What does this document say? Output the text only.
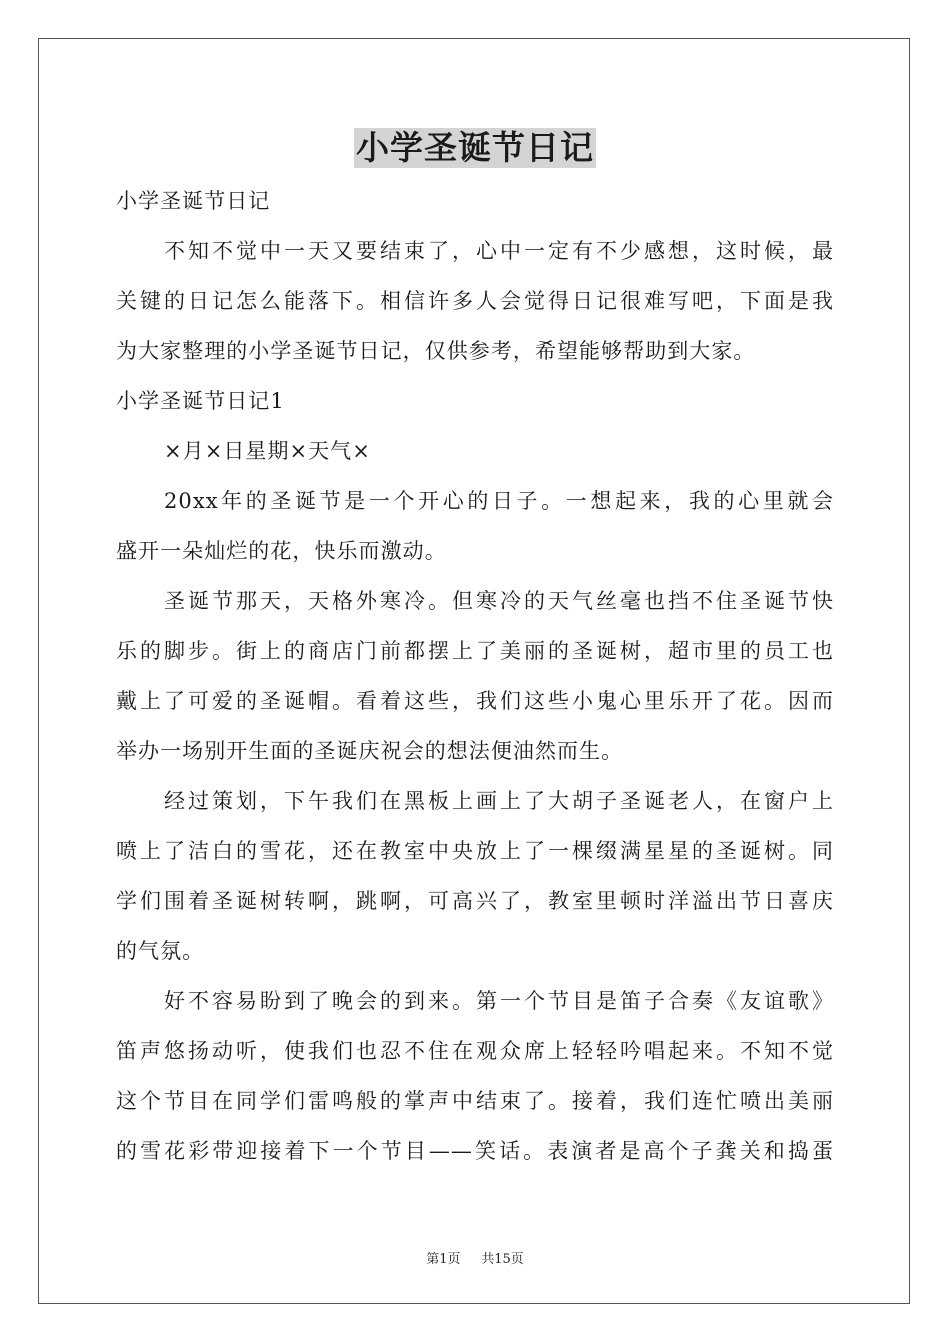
小学圣诞节日记
小学圣诞节日记
不知不觉中一天又要结束了，心中一定有不少感想，这时候，最
关键的日记怎么能落下。相信许多人会觉得日记很难写吧，下面是我
为大家整理的小学圣诞节日记，仅供参考，希望能够帮助到大家。
小学圣诞节日记1
×月×日星期×天气×
20xx年的圣诞节是一个开心的日子。一想起来，我的心里就会
盛开一朵灿烂的花，快乐而激动。
圣诞节那天，天格外寒冷。但寒冷的天气丝毫也挡不住圣诞节快
乐的脚步。街上的商店门前都摆上了美丽的圣诞树，超市里的员工也
戴上了可爱的圣诞帽。看着这些，我们这些小鬼心里乐开了花。因而
举办一场别开生面的圣诞庆祝会的想法便油然而生。
经过策划，下午我们在黑板上画上了大胡子圣诞老人，在窗户上
喷上了洁白的雪花，还在教室中央放上了一棵缀满星星的圣诞树。同
学们围着圣诞树转啊，跳啊，可高兴了，教室里顿时洋溢出节日喜庆
的气氛。
好不容易盼到了晚会的到来。第一个节目是笛子合奏《友谊歌》
笛声悠扬动听，使我们也忍不住在观众席上轻轻吟唱起来。不知不觉
这个节目在同学们雷鸣般的掌声中结束了。接着，我们连忙喷出美丽
的雪花彩带迎接着下一个节目——笑话。表演者是高个子龚关和捣蛋
第1页 共15页
